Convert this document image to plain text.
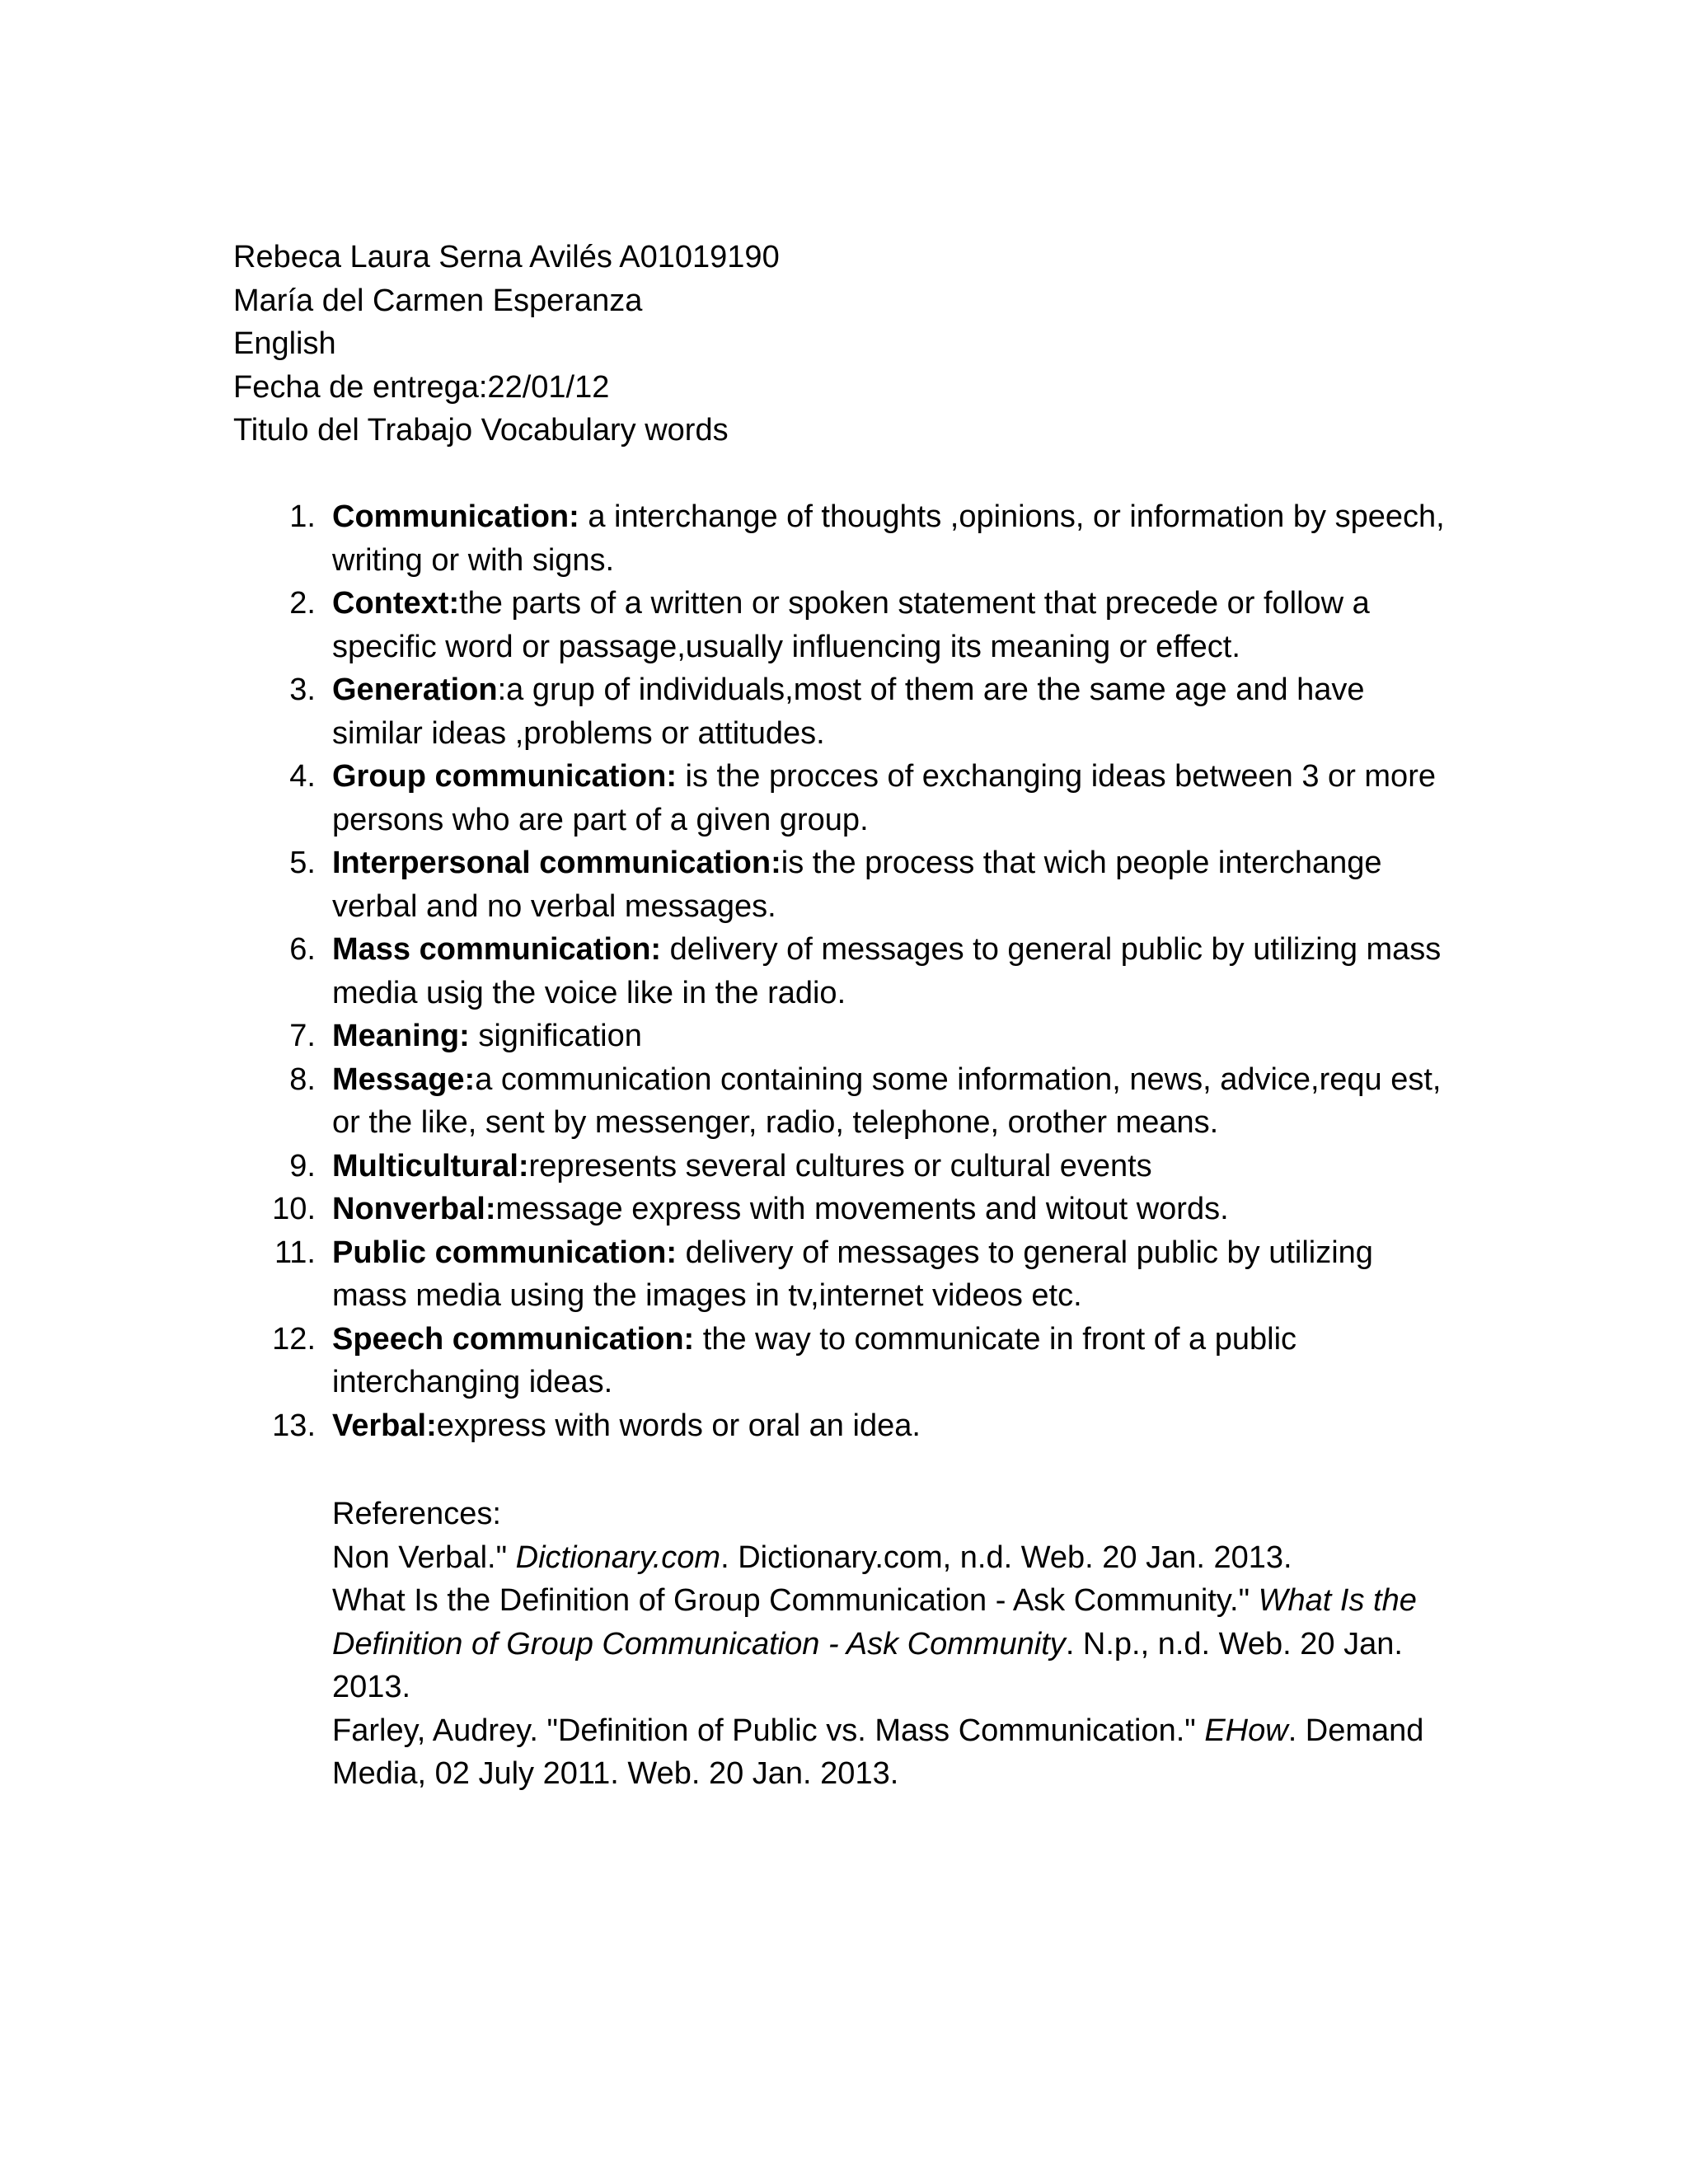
Rebeca Laura Serna Avilés A01019190
María del Carmen Esperanza
English
Fecha de entrega:22/01/12
Titulo del Trabajo Vocabulary words
1. Communication: a interchange of thoughts ,opinions, or information by speech, writing or with signs.
2. Context:the parts of a written or spoken statement that precede or follow a specific word or passage,usually influencing its meaning or effect.
3. Generation:a grup of individuals,most of them are the same age and have similar ideas ,problems or attitudes.
4. Group communication: is the procces of exchanging ideas between 3 or more persons who are part of a given group.
5. Interpersonal communication:is the process that wich people interchange verbal and no verbal messages.
6. Mass communication: delivery of messages to general public by utilizing mass media usig the voice like in the radio.
7. Meaning: signification
8. Message:a communication containing some information, news, advice,requ est, or the like, sent by messenger, radio, telephone, orother means.
9. Multicultural:represents several cultures or cultural events
10. Nonverbal:message express with movements and witout words.
11. Public communication: delivery of messages to general public by utilizing mass media using the images in tv,internet videos etc.
12. Speech communication: the way to communicate in front of a public interchanging ideas.
13. Verbal:express with words or oral an idea.
References:

Non Verbal." Dictionary.com. Dictionary.com, n.d. Web. 20 Jan. 2013.

What Is the Definition of Group Communication - Ask Community." What Is the Definition of Group Communication - Ask Community. N.p., n.d. Web. 20 Jan. 2013.

Farley, Audrey. "Definition of Public vs. Mass Communication." EHow. Demand Media, 02 July 2011. Web. 20 Jan. 2013.
